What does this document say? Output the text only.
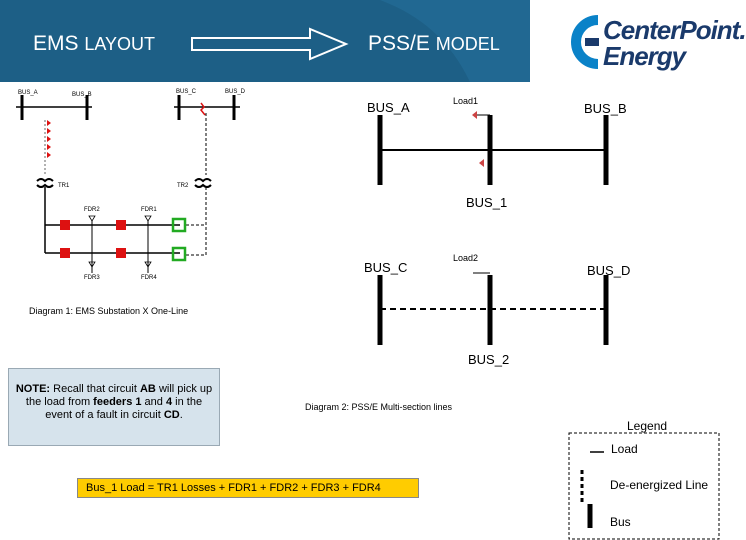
EMS LAYOUT	PSS/E MODEL	CenterPoint.
Energy
BUS_A	BUS_B	BUS_C	BUS_D
TR1	TR2
FDR2	FDR1
FDR3	FDR4
Diagram 1: EMS Substation X One-Line
BUS_A	Load1	BUS_B
BUS_1
Load2
BUS_C	BUS_D
BUS_2
Diagram 2: PSS/E Multi-section lines
NOTE: Recall that circuit AB will pick up the load from feeders 1 and 4 in the event of a fault in circuit CD.
Bus_1 Load = TR1 Losses + FDR1 + FDR2 + FDR3 + FDR4
Legend
Load
De-energized Line
Bus
